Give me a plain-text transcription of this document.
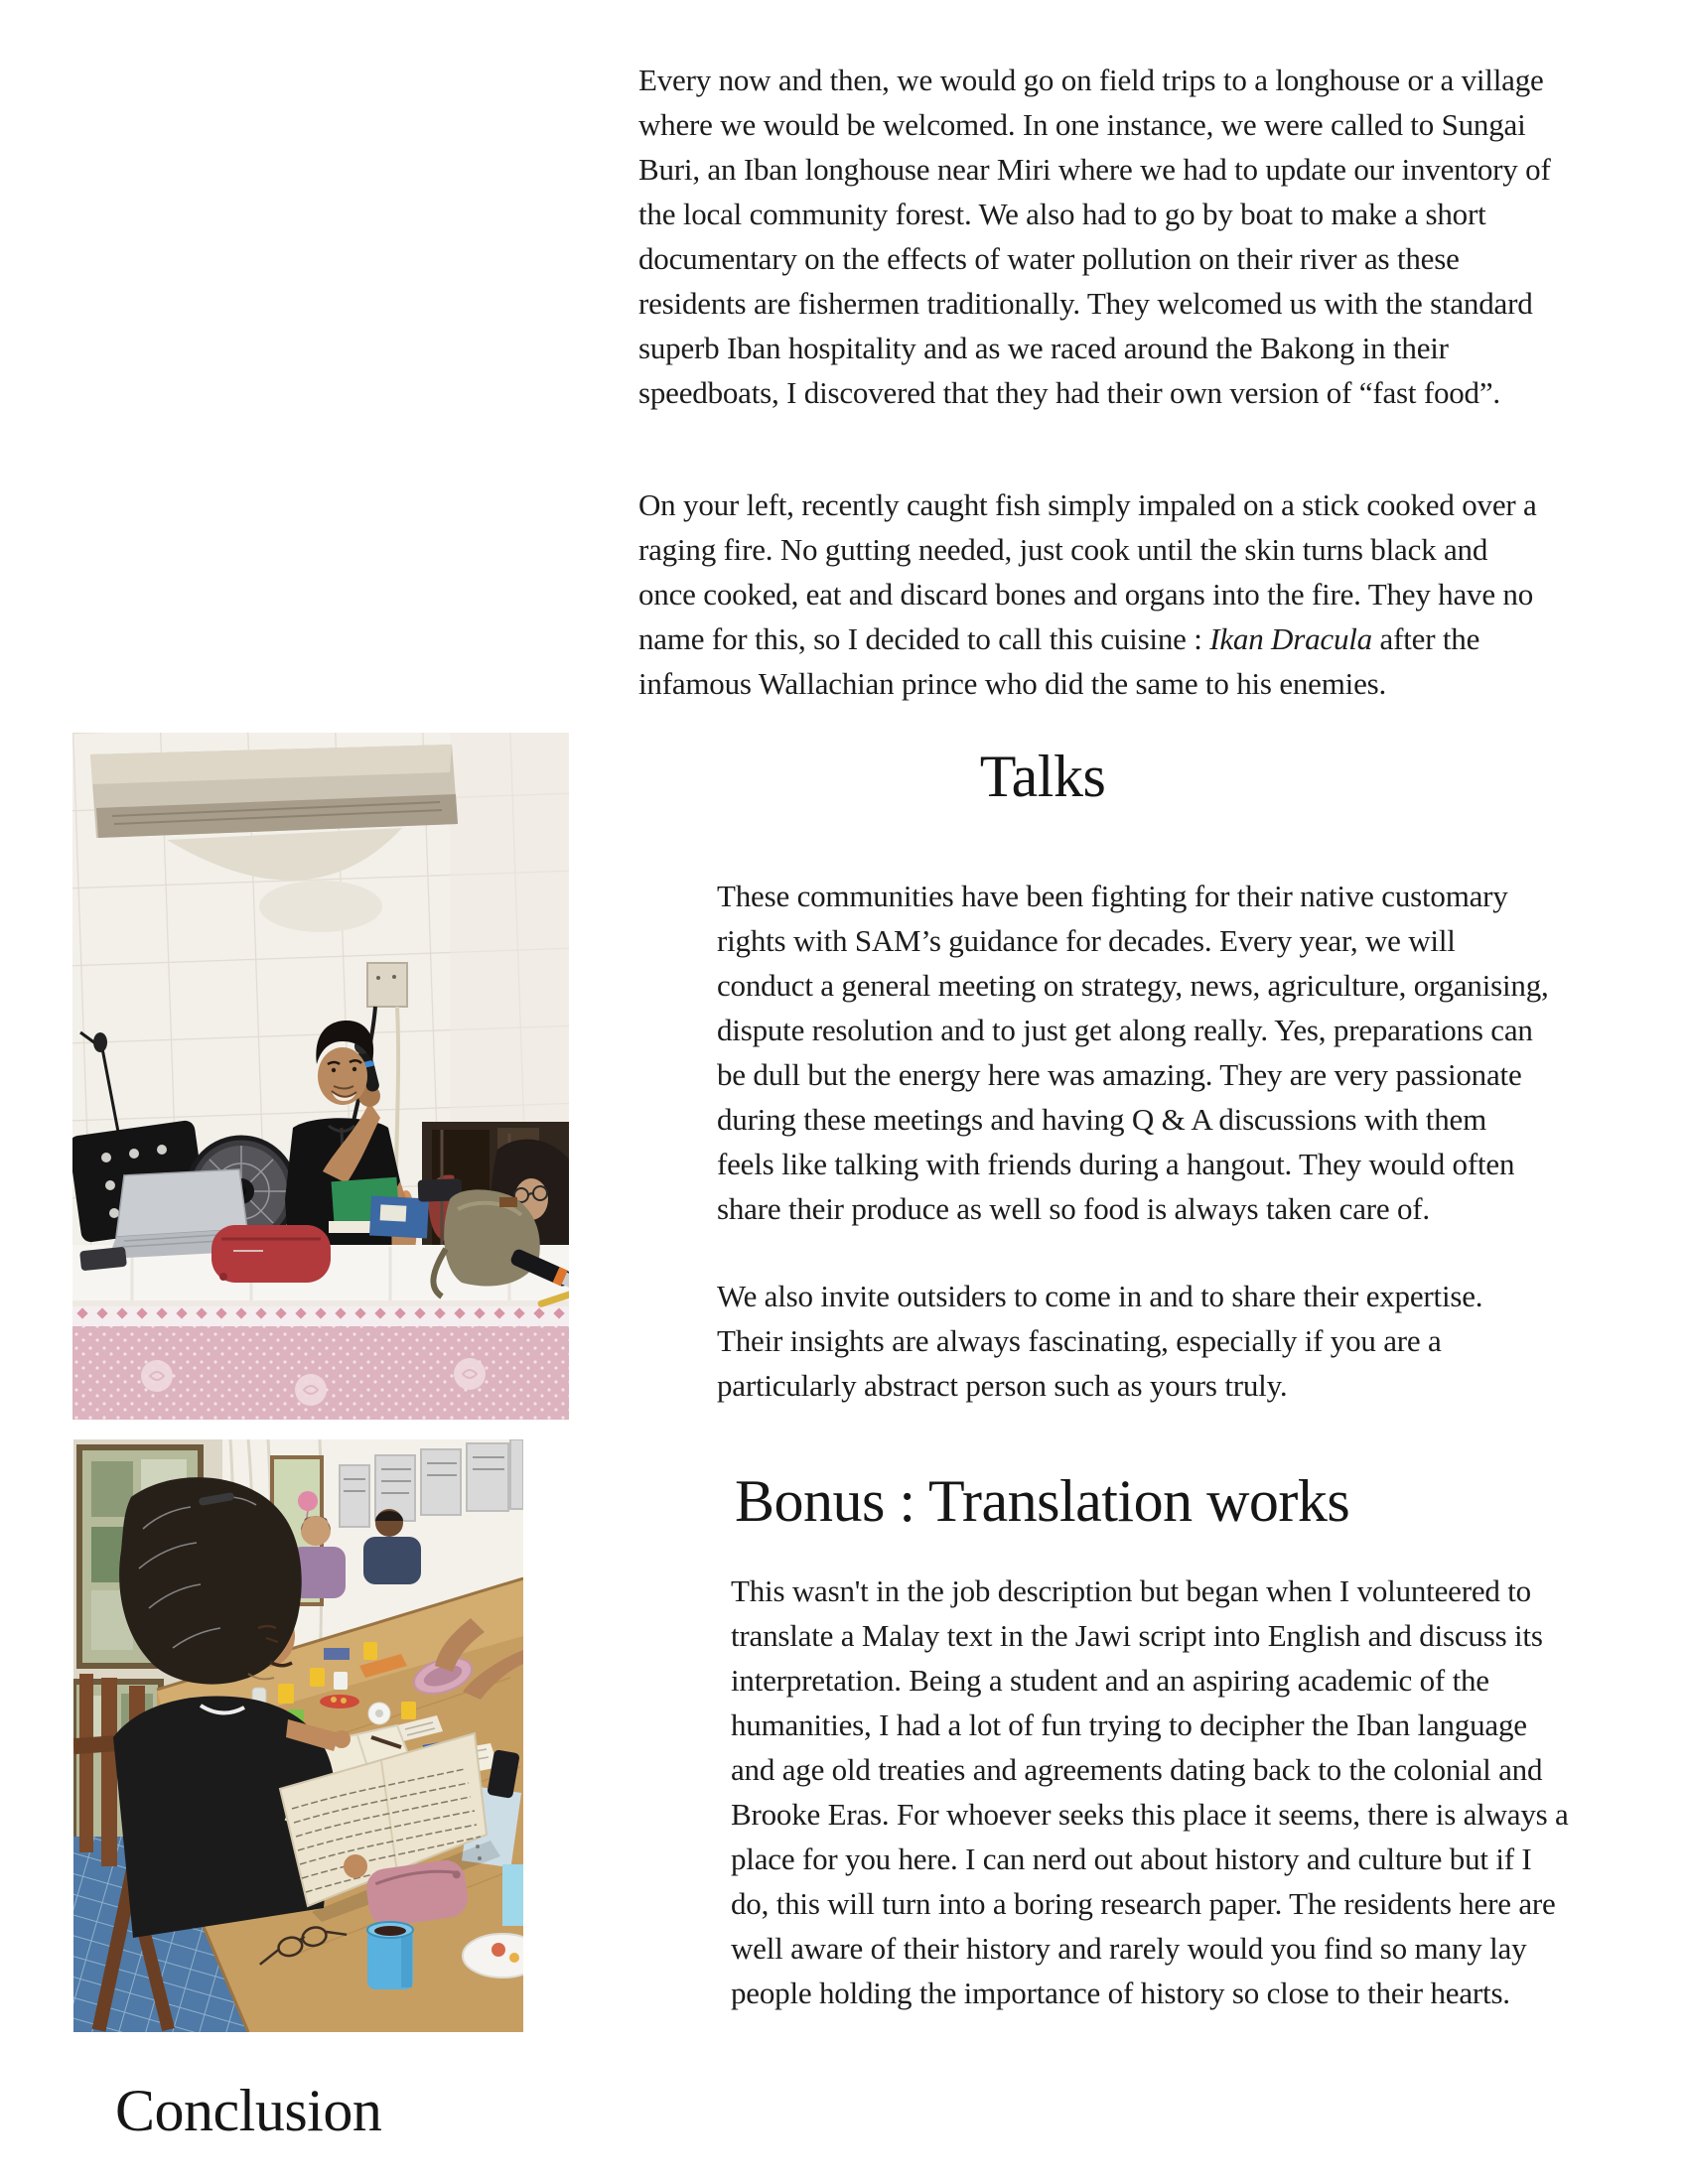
Every now and then, we would go on field trips to a longhouse or a village where we would be welcomed. In one instance, we were called to Sungai Buri, an Iban longhouse near Miri where we had to update our inventory of the local community forest. We also had to go by boat to make a short documentary on the effects of water pollution on their river as these residents are fishermen traditionally. They welcomed us with the standard superb Iban hospitality and as we raced around the Bakong in their speedboats, I discovered that they had their own version of “fast food”.

On your left, recently caught fish simply impaled on a stick cooked over a raging fire. No gutting needed, just cook until the skin turns black and once cooked, eat and discard bones and organs into the fire. They have no name for this, so I decided to call this cuisine : Ikan Dracula after the infamous Wallachian prince who did the same to his enemies.

Talks

These communities have been fighting for their native customary rights with SAM’s guidance for decades. Every year, we will conduct a general meeting on strategy, news, agriculture, organising, dispute resolution and to just get along really. Yes, preparations can be dull but the energy here was amazing. They are very passionate during these meetings and having Q & A discussions with them feels like talking with friends during a hangout. They would often share their produce as well so food is always taken care of.

We also invite outsiders to come in and to share their expertise. Their insights are always fascinating, especially if you are a particularly abstract person such as yours truly.

Bonus : Translation works

This wasn't in the job description but began when I volunteered to translate a Malay text in the Jawi script into English and discuss its interpretation. Being a student and an aspiring academic of the humanities, I had a lot of fun trying to decipher the Iban language and age old treaties and agreements dating back to the colonial and Brooke Eras. For whoever seeks this place it seems, there is always a place for you here. I can nerd out about history and culture but if I do, this will turn into a boring research paper. The residents here are well aware of their history and rarely would you find so many lay people holding the importance of history so close to their hearts.

Conclusion
